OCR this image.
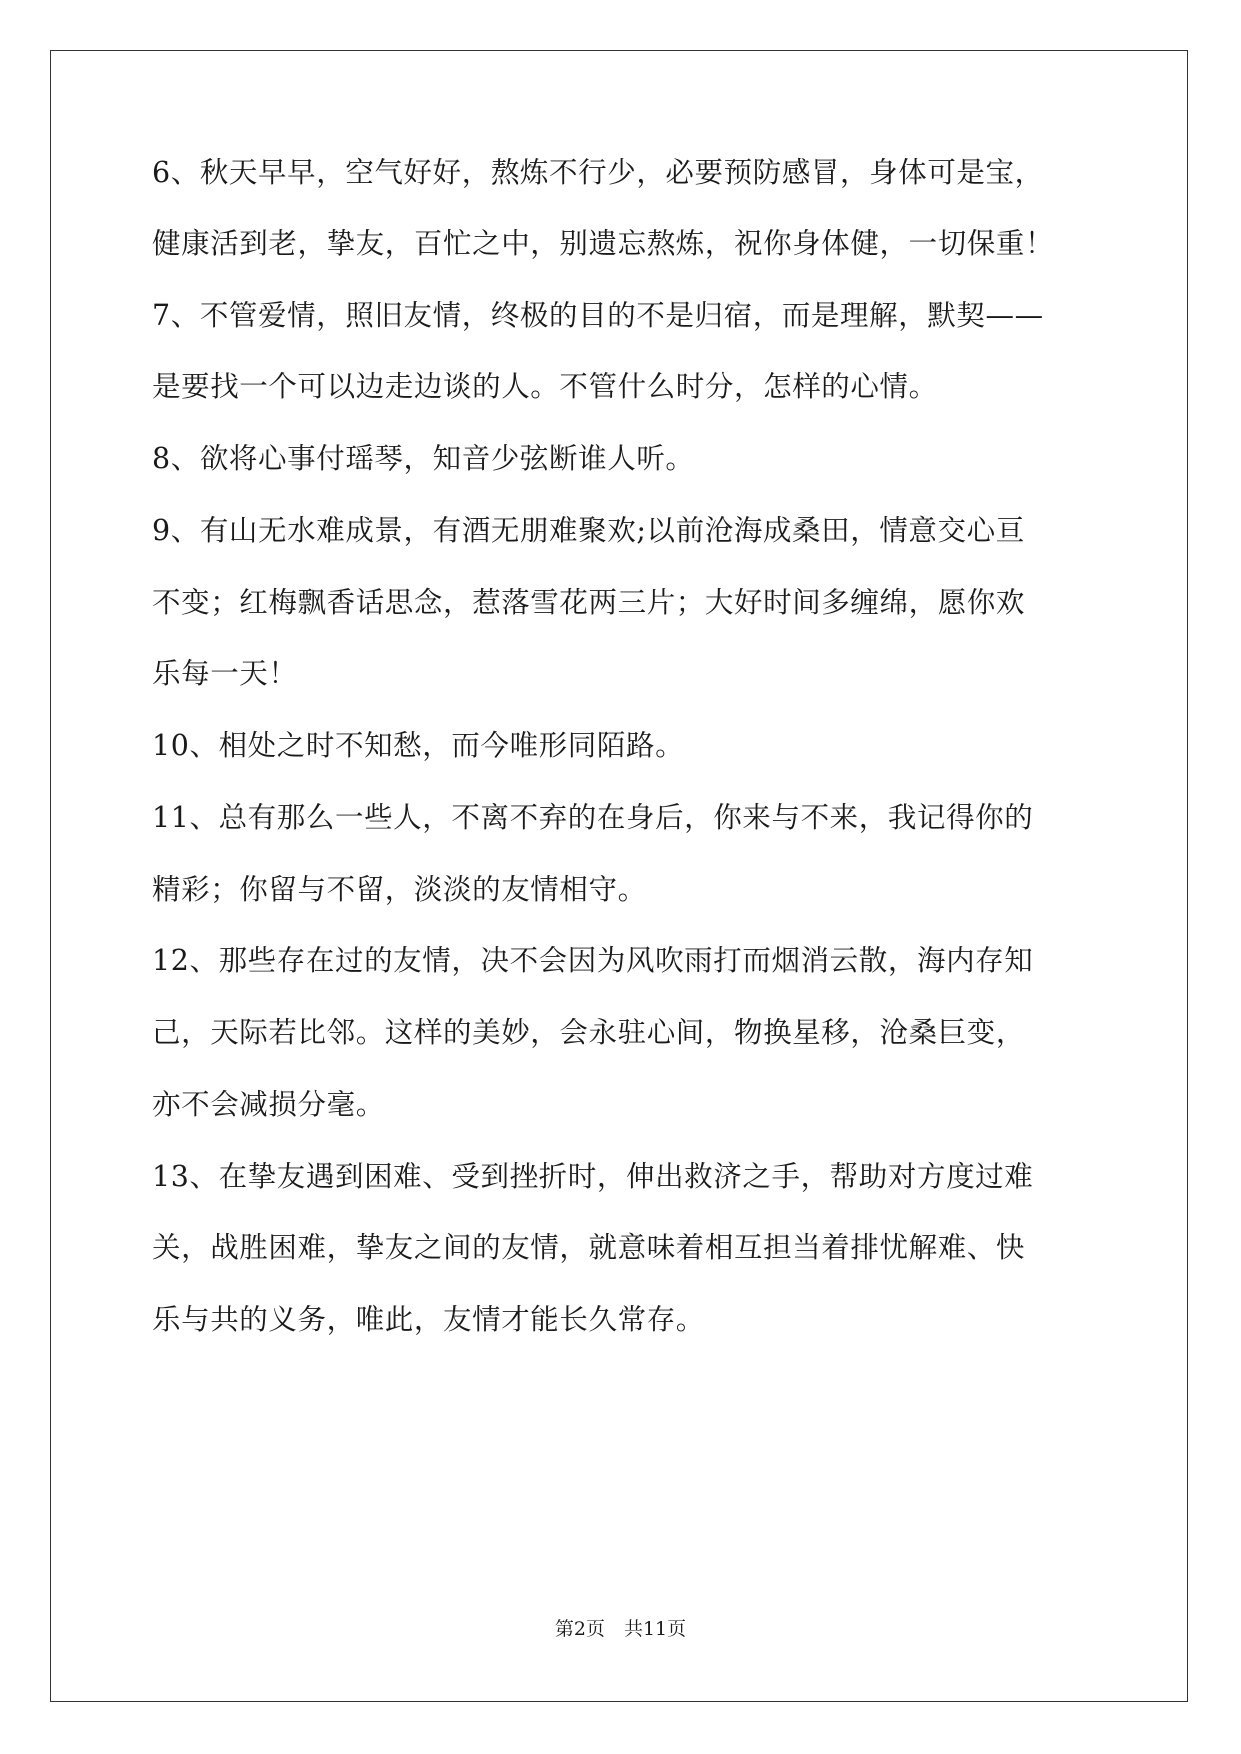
6、秋天早早，空气好好，熬炼不行少，必要预防感冒，身体可是宝，
健康活到老，挚友，百忙之中，别遗忘熬炼，祝你身体健，一切保重！
7、不管爱情，照旧友情，终极的目的不是归宿，而是理解，默契——
是要找一个可以边走边谈的人。不管什么时分，怎样的心情。
8、欲将心事付瑶琴，知音少弦断谁人听。
9、有山无水难成景，有酒无朋难聚欢;以前沧海成桑田，情意交心亘
不变；红梅飘香话思念，惹落雪花两三片；大好时间多缠绵，愿你欢
乐每一天！
10、相处之时不知愁，而今唯形同陌路。
11、总有那么一些人，不离不弃的在身后，你来与不来，我记得你的
精彩；你留与不留，淡淡的友情相守。
12、那些存在过的友情，决不会因为风吹雨打而烟消云散，海内存知
己，天际若比邻。这样的美妙，会永驻心间，物换星移，沧桑巨变，
亦不会减损分毫。
13、在挚友遇到困难、受到挫折时，伸出救济之手，帮助对方度过难
关，战胜困难，挚友之间的友情，就意味着相互担当着排忧解难、快
乐与共的义务，唯此，友情才能长久常存。
第2页　共11页
